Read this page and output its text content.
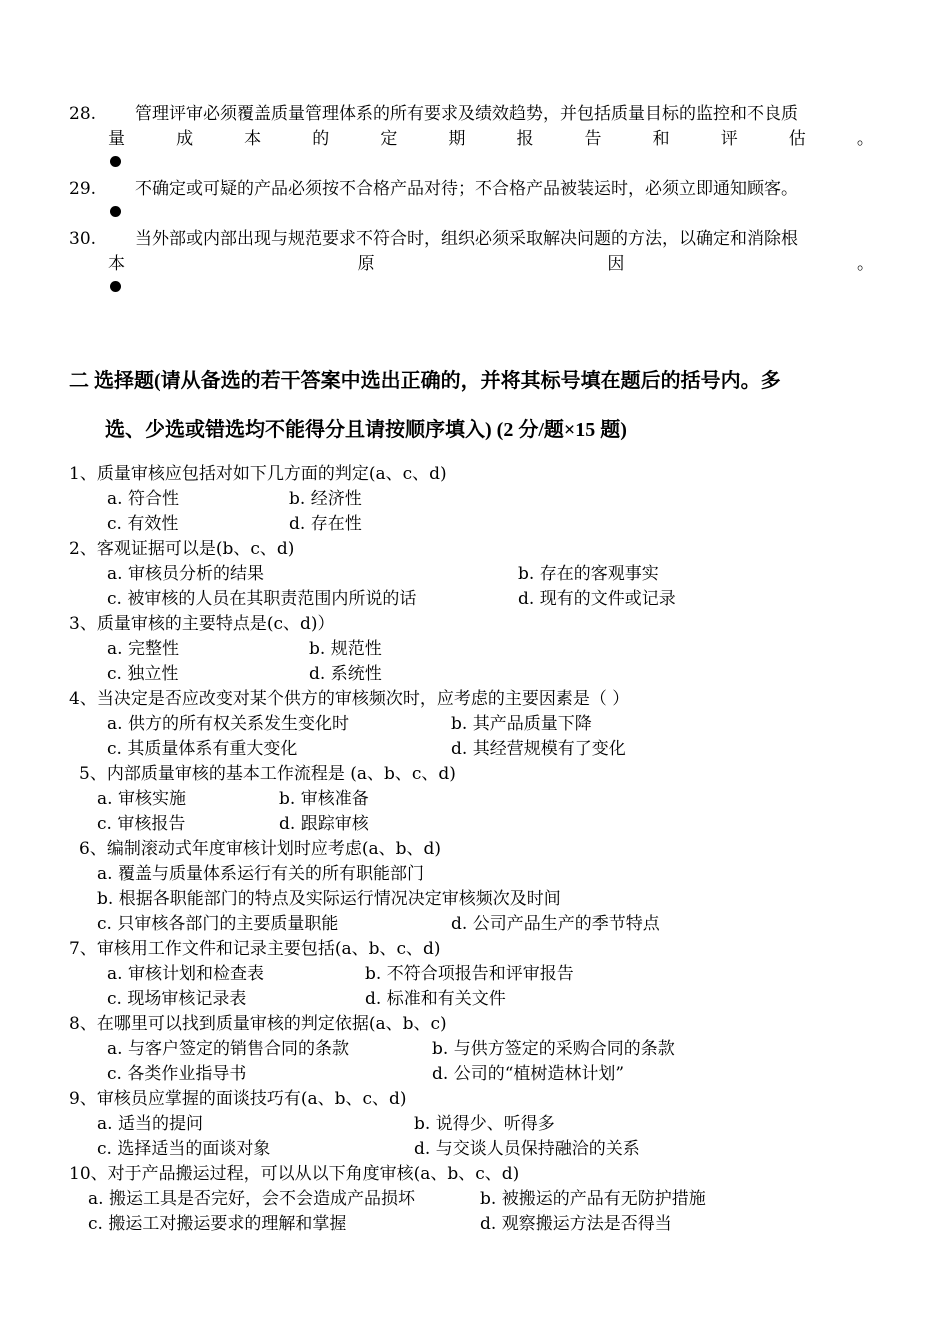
28. 管理评审必须覆盖质量管理体系的所有要求及绩效趋势，并包括质量目标的监控和不良质
量	成	本	的	定	期	报	告	和	评	估	。
29. 不确定或可疑的产品必须按不合格产品对待；不合格产品被装运时，必须立即通知顾客。
30. 当外部或内部出现与规范要求不符合时，组织必须采取解决问题的方法，以确定和消除根
本	原	因	。
二 选择题(请从备选的若干答案中选出正确的，并将其标号填在题后的括号内。多
选、少选或错选均不能得分且请按顺序填入) (2 分/题×15 题)
1、质量审核应包括对如下几方面的判定(a、c、d)
a. 符合性	b. 经济性
c. 有效性	d. 存在性
2、客观证据可以是(b、c、d)
a. 审核员分析的结果	b. 存在的客观事实
c. 被审核的人员在其职责范围内所说的话	d. 现有的文件或记录
3、质量审核的主要特点是(c、d)）
a. 完整性	b. 规范性
c. 独立性	d. 系统性
4、当决定是否应改变对某个供方的审核频次时，应考虑的主要因素是（ ）
a. 供方的所有权关系发生变化时	b. 其产品质量下降
c. 其质量体系有重大变化	d. 其经营规模有了变化
5、内部质量审核的基本工作流程是 (a、b、c、d)
a. 审核实施	b. 审核准备
c. 审核报告	d. 跟踪审核
6、编制滚动式年度审核计划时应考虑(a、b、d)
a. 覆盖与质量体系运行有关的所有职能部门
b. 根据各职能部门的特点及实际运行情况决定审核频次及时间
c. 只审核各部门的主要质量职能	d. 公司产品生产的季节特点
7、审核用工作文件和记录主要包括(a、b、c、d)
a. 审核计划和检查表	b. 不符合项报告和评审报告
c. 现场审核记录表	d. 标准和有关文件
8、在哪里可以找到质量审核的判定依据(a、b、c)
a. 与客户签定的销售合同的条款	b. 与供方签定的采购合同的条款
c. 各类作业指导书	d. 公司的“植树造林计划”
9、审核员应掌握的面谈技巧有(a、b、c、d)
a. 适当的提问	b. 说得少、听得多
c. 选择适当的面谈对象	d. 与交谈人员保持融洽的关系
10、对于产品搬运过程，可以从以下角度审核(a、b、c、d)
a. 搬运工具是否完好，会不会造成产品损坏	b. 被搬运的产品有无防护措施
c. 搬运工对搬运要求的理解和掌握	d. 观察搬运方法是否得当
